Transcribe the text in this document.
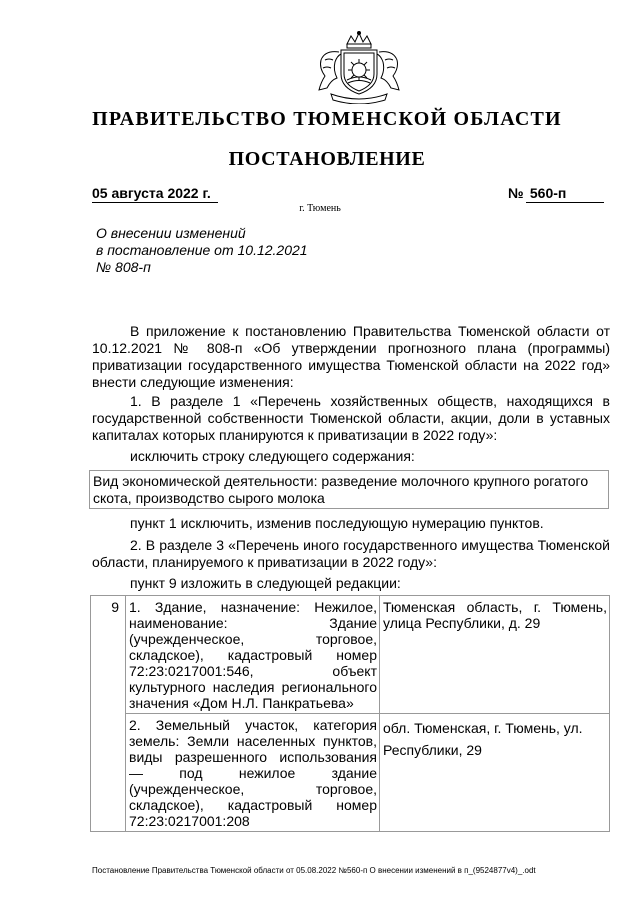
ПРАВИТЕЛЬСТВО ТЮМЕНСКОЙ ОБЛАСТИ
ПОСТАНОВЛЕНИЕ
05 августа 2022 г.
г. Тюмень
№ 560-п
О внесении изменений
в постановление от 10.12.2021
№ 808-п

В приложение к постановлению Правительства Тюменской области от 10.12.2021 № 808-п «Об утверждении прогнозного плана (программы) приватизации государственного имущества Тюменской области на 2022 год» внести следующие изменения:

1. В разделе 1 «Перечень хозяйственных обществ, находящихся в государственной собственности Тюменской области, акции, доли в уставных капиталах которых планируются к приватизации в 2022 году»:

исключить строку следующего содержания:

Вид экономической деятельности: разведение молочного крупного рогатого скота, производство сырого молока

пункт 1 исключить, изменив последующую нумерацию пунктов.

2. В разделе 3 «Перечень иного государственного имущества Тюменской области, планируемого к приватизации в 2022 году»:

пункт 9 изложить в следующей редакции:

9	1. Здание, назначение: Нежилое, наименование: Здание (учрежденческое, торговое, складское), кадастровый номер 72:23:0217001:546, объект культурного наследия регионального значения «Дом Н.Л. Панкратьева»	Тюменская область, г. Тюмень, улица Республики, д. 29
	2. Земельный участок, категория земель: Земли населенных пунктов, виды разрешенного использования — под нежилое здание (учрежденческое, торговое, складское), кадастровый номер 72:23:0217001:208	обл. Тюменская, г. Тюмень, ул. Республики, 29
Постановление Правительства Тюменской области от 05.08.2022 №560-п О внесении изменений в п_(9524877v4)_.odt
